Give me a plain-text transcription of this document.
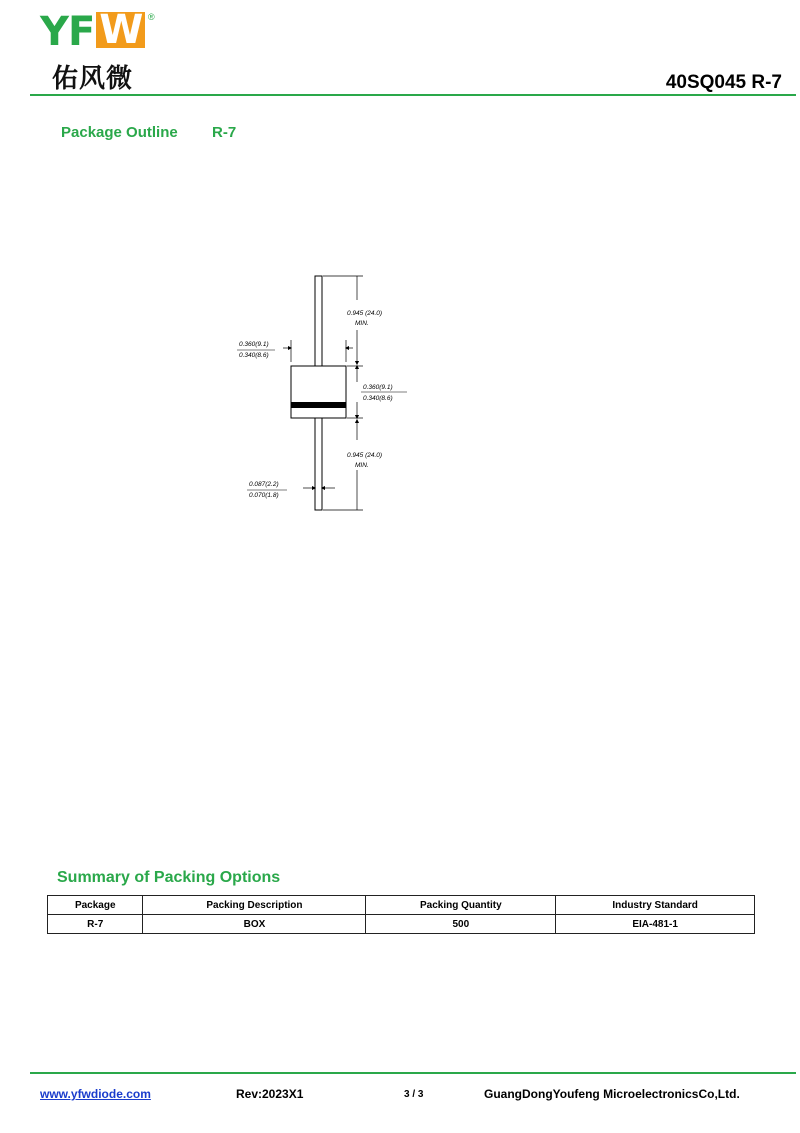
YF W ®
佑风微	40SQ045 R-7
Package Outline R-7
0.945 (24.0)
MIN.
0.360(9.1)
0.340(8.6)
0.360(9.1)
0.340(8.6)
0.945 (24.0)
MIN.
0.087(2.2)
0.070(1.8)
Summary of Packing Options
Package	Packing Description	Packing Quantity	Industry Standard
R-7	BOX	500	EIA-481-1
www.yfwdiode.com	Rev:2023X1	3 / 3	GuangDongYoufeng MicroelectronicsCo,Ltd.
